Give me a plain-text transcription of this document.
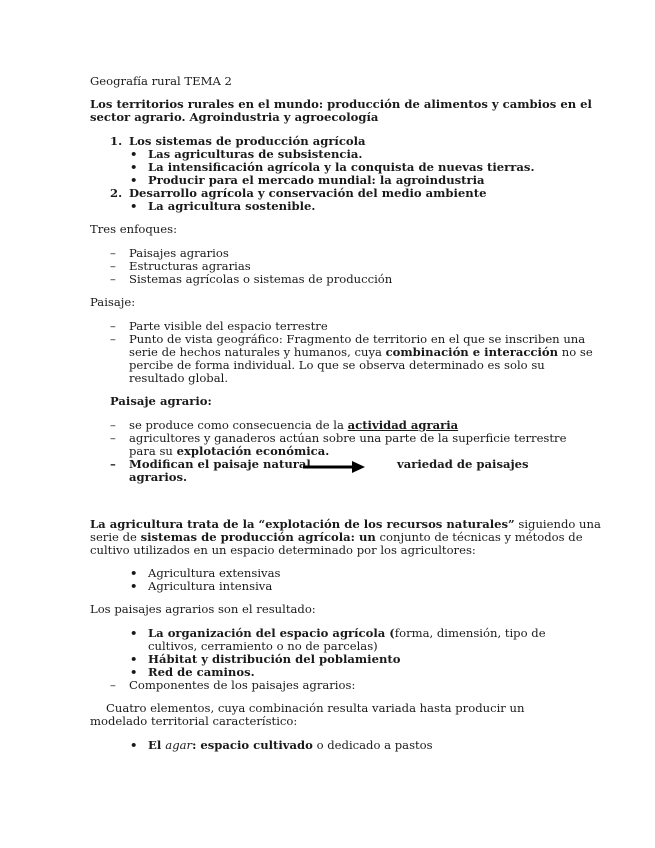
Geografía rural TEMA 2
Los territorios rurales en el mundo: producción de alimentos y cambios en el
sector agrario. Agroindustria y agroecología
1. Los sistemas de producción agrícola
• Las agriculturas de subsistencia.
• La intensificación agrícola y la conquista de nuevas tierras.
• Producir para el mercado mundial: la agroindustria
2. Desarrollo agrícola y conservación del medio ambiente
• La agricultura sostenible.
Tres enfoques:
– Paisajes agrarios
– Estructuras agrarias
– Sistemas agrícolas o sistemas de producción
Paisaje:
– Parte visible del espacio terrestre
– Punto de vista geográfico: Fragmento de territorio en el que se inscriben una
serie de hechos naturales y humanos, cuya combinación e interacción no se
percibe de forma individual. Lo que se observa determinado es solo su
resultado global.
Paisaje agrario:
– se produce como consecuencia de la actividad agraria
– agricultores y ganaderos actúan sobre una parte de la superficie terrestre
para su explotación económica.
– Modifican el paisaje natural	variedad de paisajes
agrarios.
La agricultura trata de la “explotación de los recursos naturales” siguiendo una
serie de sistemas de producción agrícola: un conjunto de técnicas y métodos de
cultivo utilizados en un espacio determinado por los agricultores:
• Agricultura extensivas
• Agricultura intensiva
Los paisajes agrarios son el resultado:
• La organización del espacio agrícola (forma, dimensión, tipo de
cultivos, cerramiento o no de parcelas)
• Hábitat y distribución del poblamiento
• Red de caminos.
– Componentes de los paisajes agrarios:
Cuatro elementos, cuya combinación resulta variada hasta producir un
modelado territorial característico:
• El agar: espacio cultivado o dedicado a pastos
